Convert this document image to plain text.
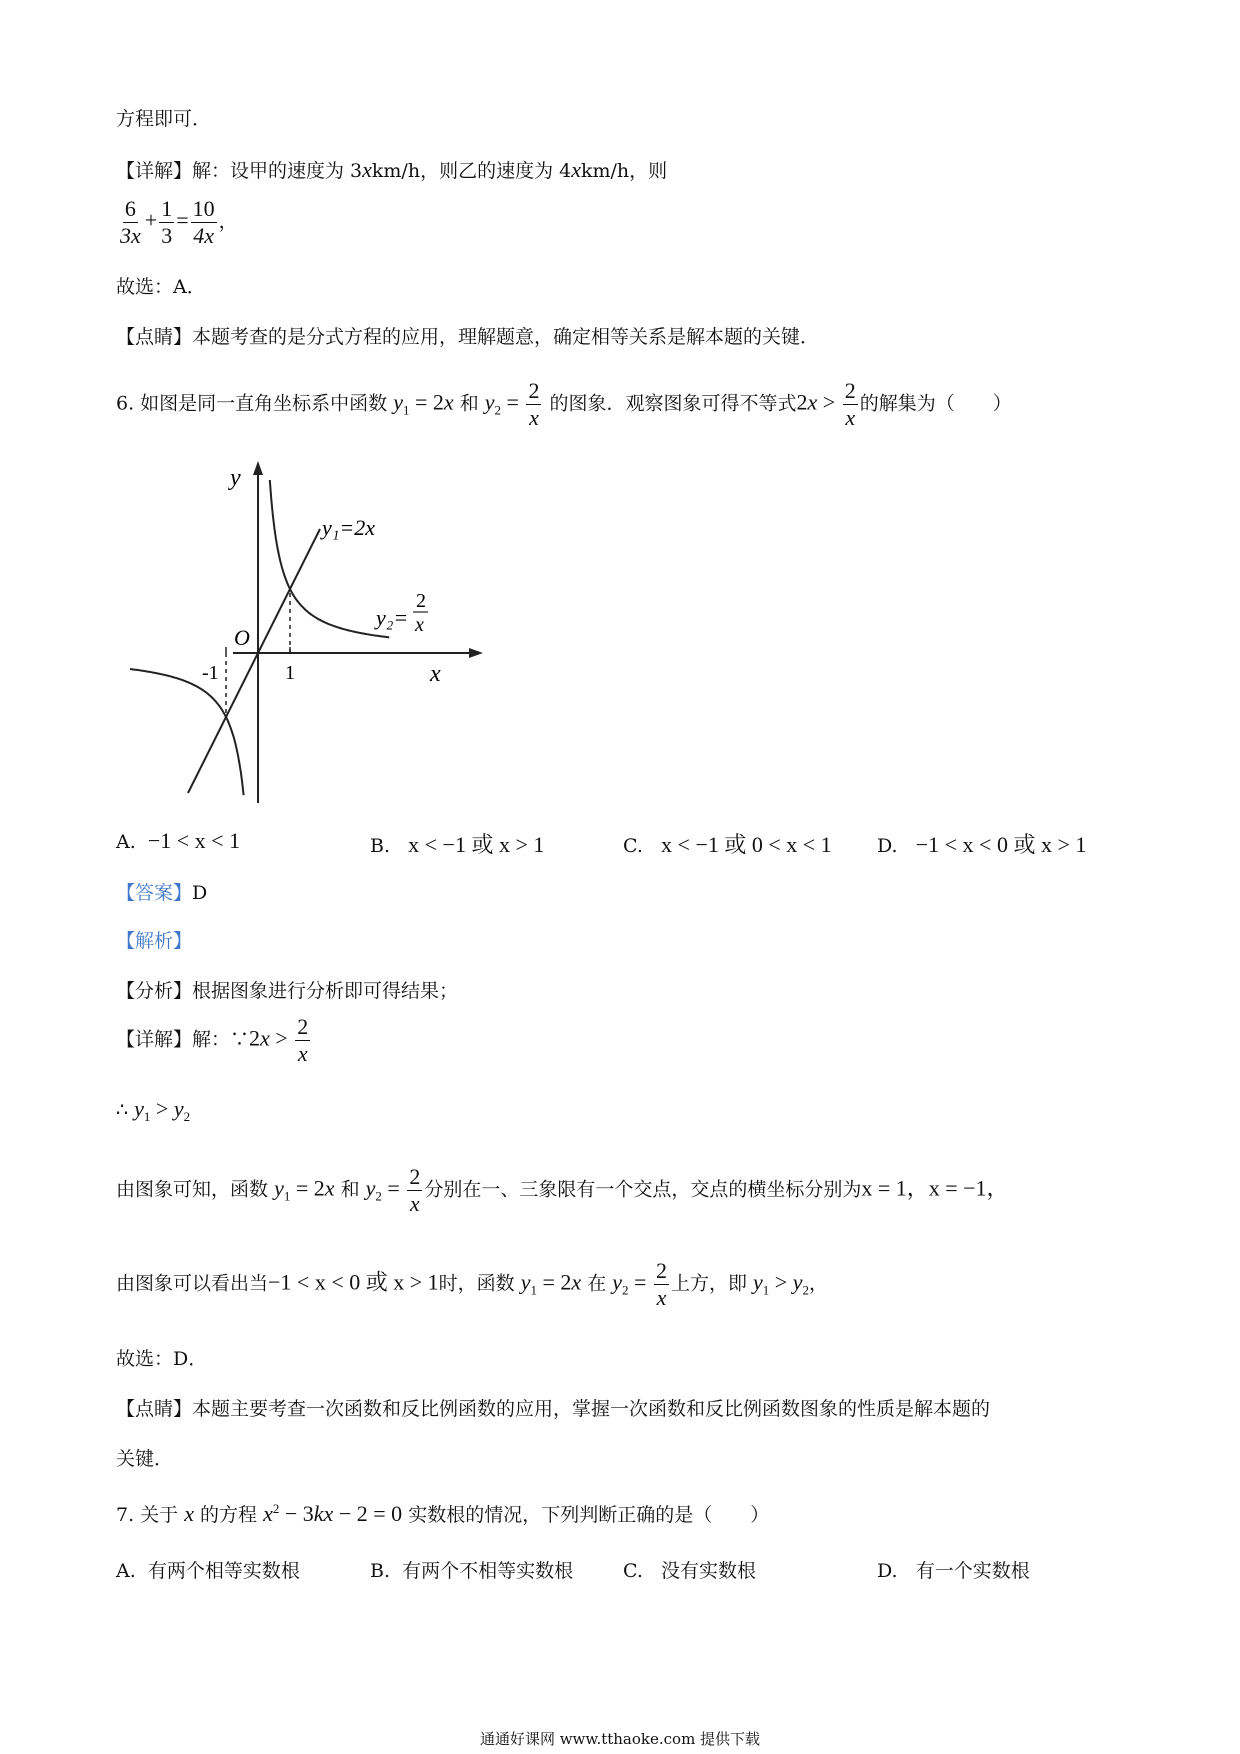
方程即可．
【详解】解：设甲的速度为 3xkm/h，则乙的速度为 4xkm/h，则
$\frac{6}{3x} + \frac{1}{3} = \frac{10}{4x}$ ，
故选：A．
【点睛】本题考查的是分式方程的应用，理解题意，确定相等关系是解本题的关键．
6. 如图是同一直角坐标系中函数 $y_1 = 2x$ 和 $y_2 = \frac{2}{x}$ 的图象．观察图象可得不等式$2x > \frac{2}{x}$ 的解集为（　　）
y
x
O
-1	1
y₁=2x
y₂=
2
x
A. −1 < x < 1	B. x < −1 或 x > 1	C. x < −1 或 0 < x < 1 D. −1 < x < 0 或 x > 1
【答案】D
【解析】
【分析】根据图象进行分析即可得结果；
【详解】解：∵2x > $\frac{2}{x}$
∴ $y_1 > y_2$
由图象可知，函数 $y_1 = 2x$ 和 $y_2 = \frac{2}{x}$ 分别在一、三象限有一个交点，交点的横坐标分别为x = 1，x = −1，
由图象可以看出当−1 < x < 0 或 x > 1时，函数 $y_1 = 2x$ 在 $y_2 = \frac{2}{x}$ 上方，即 $y_1 > y_2$，
故选：D．
【点睛】本题主要考查一次函数和反比例函数的应用，掌握一次函数和反比例函数图象的性质是解本题的
关键．
7. 关于 x 的方程 $x^2 - 3kx - 2 = 0$ 实数根的情况，下列判断正确的是（　　）
A. 有两个相等实数根	B. 有两个不相等实数根	C. 没有实数根	D. 有一个实数根
通通好课网 www.tthaoke.com 提供下载
